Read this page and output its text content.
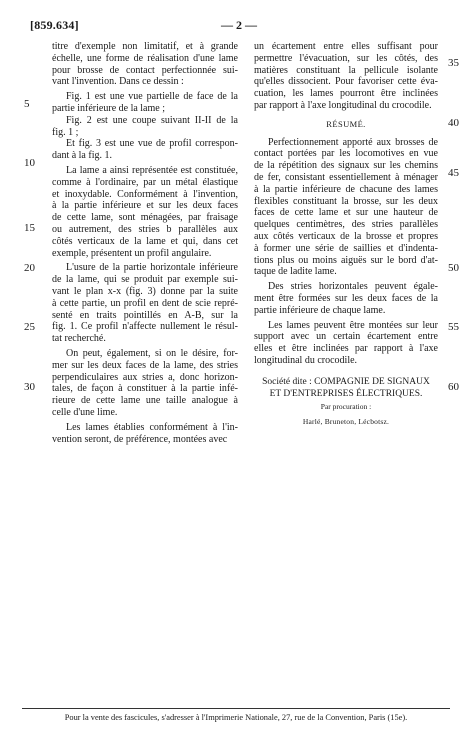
[859.634]	— 2 —
titre d'exemple non limitatif, et à grande
échelle, une forme de réalisation d'une lame
pour brosse de contact perfectionnée sui-
vant l'invention. Dans ce dessin :
Fig. 1 est une vue partielle de face de la
partie inférieure de la lame ;
Fig. 2 est une coupe suivant II-II de la
fig. 1 ;
Et fig. 3 est une vue de profil correspon-
dant à la fig. 1.
La lame a ainsi représentée est constituée,
comme à l'ordinaire, par un métal élastique
et inoxydable. Conformément à l'invention,
à la partie inférieure et sur les deux faces
de cette lame, sont ménagées, par fraisage
ou autrement, des stries b parallèles aux
côtés verticaux de la lame et qui, dans cet
exemple, présentent un profil angulaire.
L'usure de la partie horizontale inférieure
de la lame, qui se produit par exemple sui-
vant le plan x-x (fig. 3) donne par la suite
à cette partie, un profil en dent de scie repré-
senté en traits pointillés en A-B, sur la
fig. 1. Ce profil n'affecte nullement le résul-
tat recherché.
On peut, également, si on le désire, for-
mer sur les deux faces de la lame, des stries
perpendiculaires aux stries a, donc horizon-
tales, de façon à constituer à la partie infé-
rieure de cette lame une taille analogue à
celle d'une lime.
Les lames établies conformément à l'in-
vention seront, de préférence, montées avec
un écartement entre elles suffisant pour
permettre l'évacuation, sur les côtés, des
matières constituant la pellicule isolante
qu'elles dissocient. Pour favoriser cette éva-
cuation, les lames pourront être inclinées
par rapport à l'axe longitudinal du crocodile.
RÉSUMÉ.
Perfectionnement apporté aux brosses de
contact portées par les locomotives en vue
de la répétition des signaux sur les chemins
de fer, consistant essentiellement à ménager
à la partie inférieure de chacune des lames
flexibles constituant la brosse, sur les deux
faces de cette lame et sur une hauteur de
quelques centimètres, des stries parallèles
aux côtés verticaux de la brosse et propres
à former une série de saillies et d'indenta-
tions plus ou moins aiguës sur le bord d'at-
taque de ladite lame.
Des stries horizontales peuvent égale-
ment être formées sur les deux faces de la
partie inférieure de chaque lame.
Les lames peuvent être montées sur leur
support avec un certain écartement entre
elles et être inclinées par rapport à l'axe
longitudinal du crocodile.
Société dite : COMPAGNIE DE SIGNAUX
ET D'ENTREPRISES ÉLECTRIQUES.
Par procuration :
Harlé, Bruneton, Lécbotsz.
5
10
15
20
25
30
35
40
45
50
55
60
Pour la vente des fascicules, s'adresser à l'Imprimerie Nationale, 27, rue de la Convention, Paris (15e).
